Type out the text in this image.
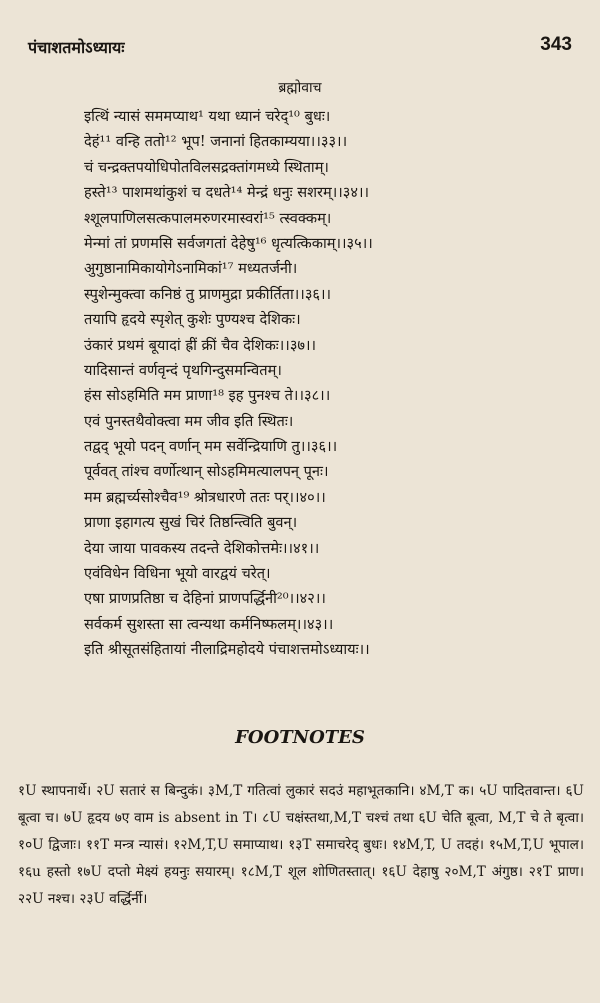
पंचाशतमोऽध्यायः	343
ब्रह्मोवाच
इत्थिं न्यासं सममप्याथ¹ यथा ध्यानं चरेद्¹⁰ बुधः।
देहं¹¹ वन्हि ततो¹² भूप! जनानां हितकाम्यया।।३३।।
चं चन्द्रक्तपयोधिपोतविलसद्रक्तांगमध्ये स्थिताम्।
हस्ते¹³ पाशमथांकुशं च दधते¹⁴ मेन्द्रं धनुः सशरम्।।३४।।
श्शूलपाणिलसत्कपालमरुणरमास्वरां¹⁵ त्स्वक्कम्।
मेन्मां तां प्रणमसि सर्वजगतां देहेषु¹⁶ धृत्यत्किकाम्।।३५।।
अुगुष्ठानामिकायोगेऽनामिकां¹⁷ मध्यतर्जनी।
स्पुशेन्मुक्त्वा कनिष्ठं तु प्राणमुद्रा प्रकीर्तिता।।३६।।
तयापि हृदये स्पृशेत् कुशेः पुण्यश्च देशिकः।
उंकारं प्रथमं बूयादां ह्रीं क्रीं चैव देशिकः।।३७।।
यादिसान्तं वर्णवृन्दं पृथगिन्दुसमन्वितम्।
हंस सोऽहमिति मम प्राणा¹⁸ इह पुनश्च ते।।३८।।
एवं पुनस्तथैवोक्त्वा मम जीव इति स्थितः।
तद्वद् भूयो पदन् वर्णान् मम सर्वेन्द्रियाणि तु।।३६।।
पूर्ववत् तांश्च वर्णोत्थान् सोऽहमिमत्यालपन् पूनः।
मम ब्रह्मर्च्यसोश्चैव¹⁹ श्रोत्रधारणे ततः पर्।।४०।।
प्राणा इहागत्य सुखं चिरं तिष्ठन्त्विति बुवन्।
देया जाया पावकस्य तदन्ते देशिकोत्तमेः।।४१।।
एवंविधेन विधिना भूयो वारद्वयं चरेत्।
एषा प्राणप्रतिष्ठा च देहिनां प्राणपर्द्धिनी²⁰।।४२।।
सर्वकर्म सुशस्ता सा त्वन्यथा कर्मनिष्फलम्।।४३।।
इति श्रीसूतसंहितायां नीलाद्रिमहोदये पंचाशत्तमोऽध्यायः।।
FOOTNOTES

१U स्थापनार्थे। २U सतारं स बिन्दुकं। ३M,T गतित्वां लुकारं सदउं महाभूतकानि। ४M,T क। ५U पादितवान्त। ६U बूत्वा च। ७U हृदय ७ए वाम is absent in T। ८U चक्षंस्तथा,M,T चश्चं तथा ६U चेति बूत्वा, M,T चे ते बृत्वा। १०U द्विजाः। ११T मन्त्र न्यासं। १२M,T,U समाप्याथ। १३T समाचरेद् बुधः। १४M,T, U तदहं। १५M,T,U भूपाल। १६u हस्तो १७U दप्तो मेक्ष्यं हयनुः सयारम्। १८M,T शूल शोणितस्तात्। १६U देहाषु २०M,T अंगुष्ठ। २१T प्राण। २२U नश्च। २३U वर्द्धिर्नी।
